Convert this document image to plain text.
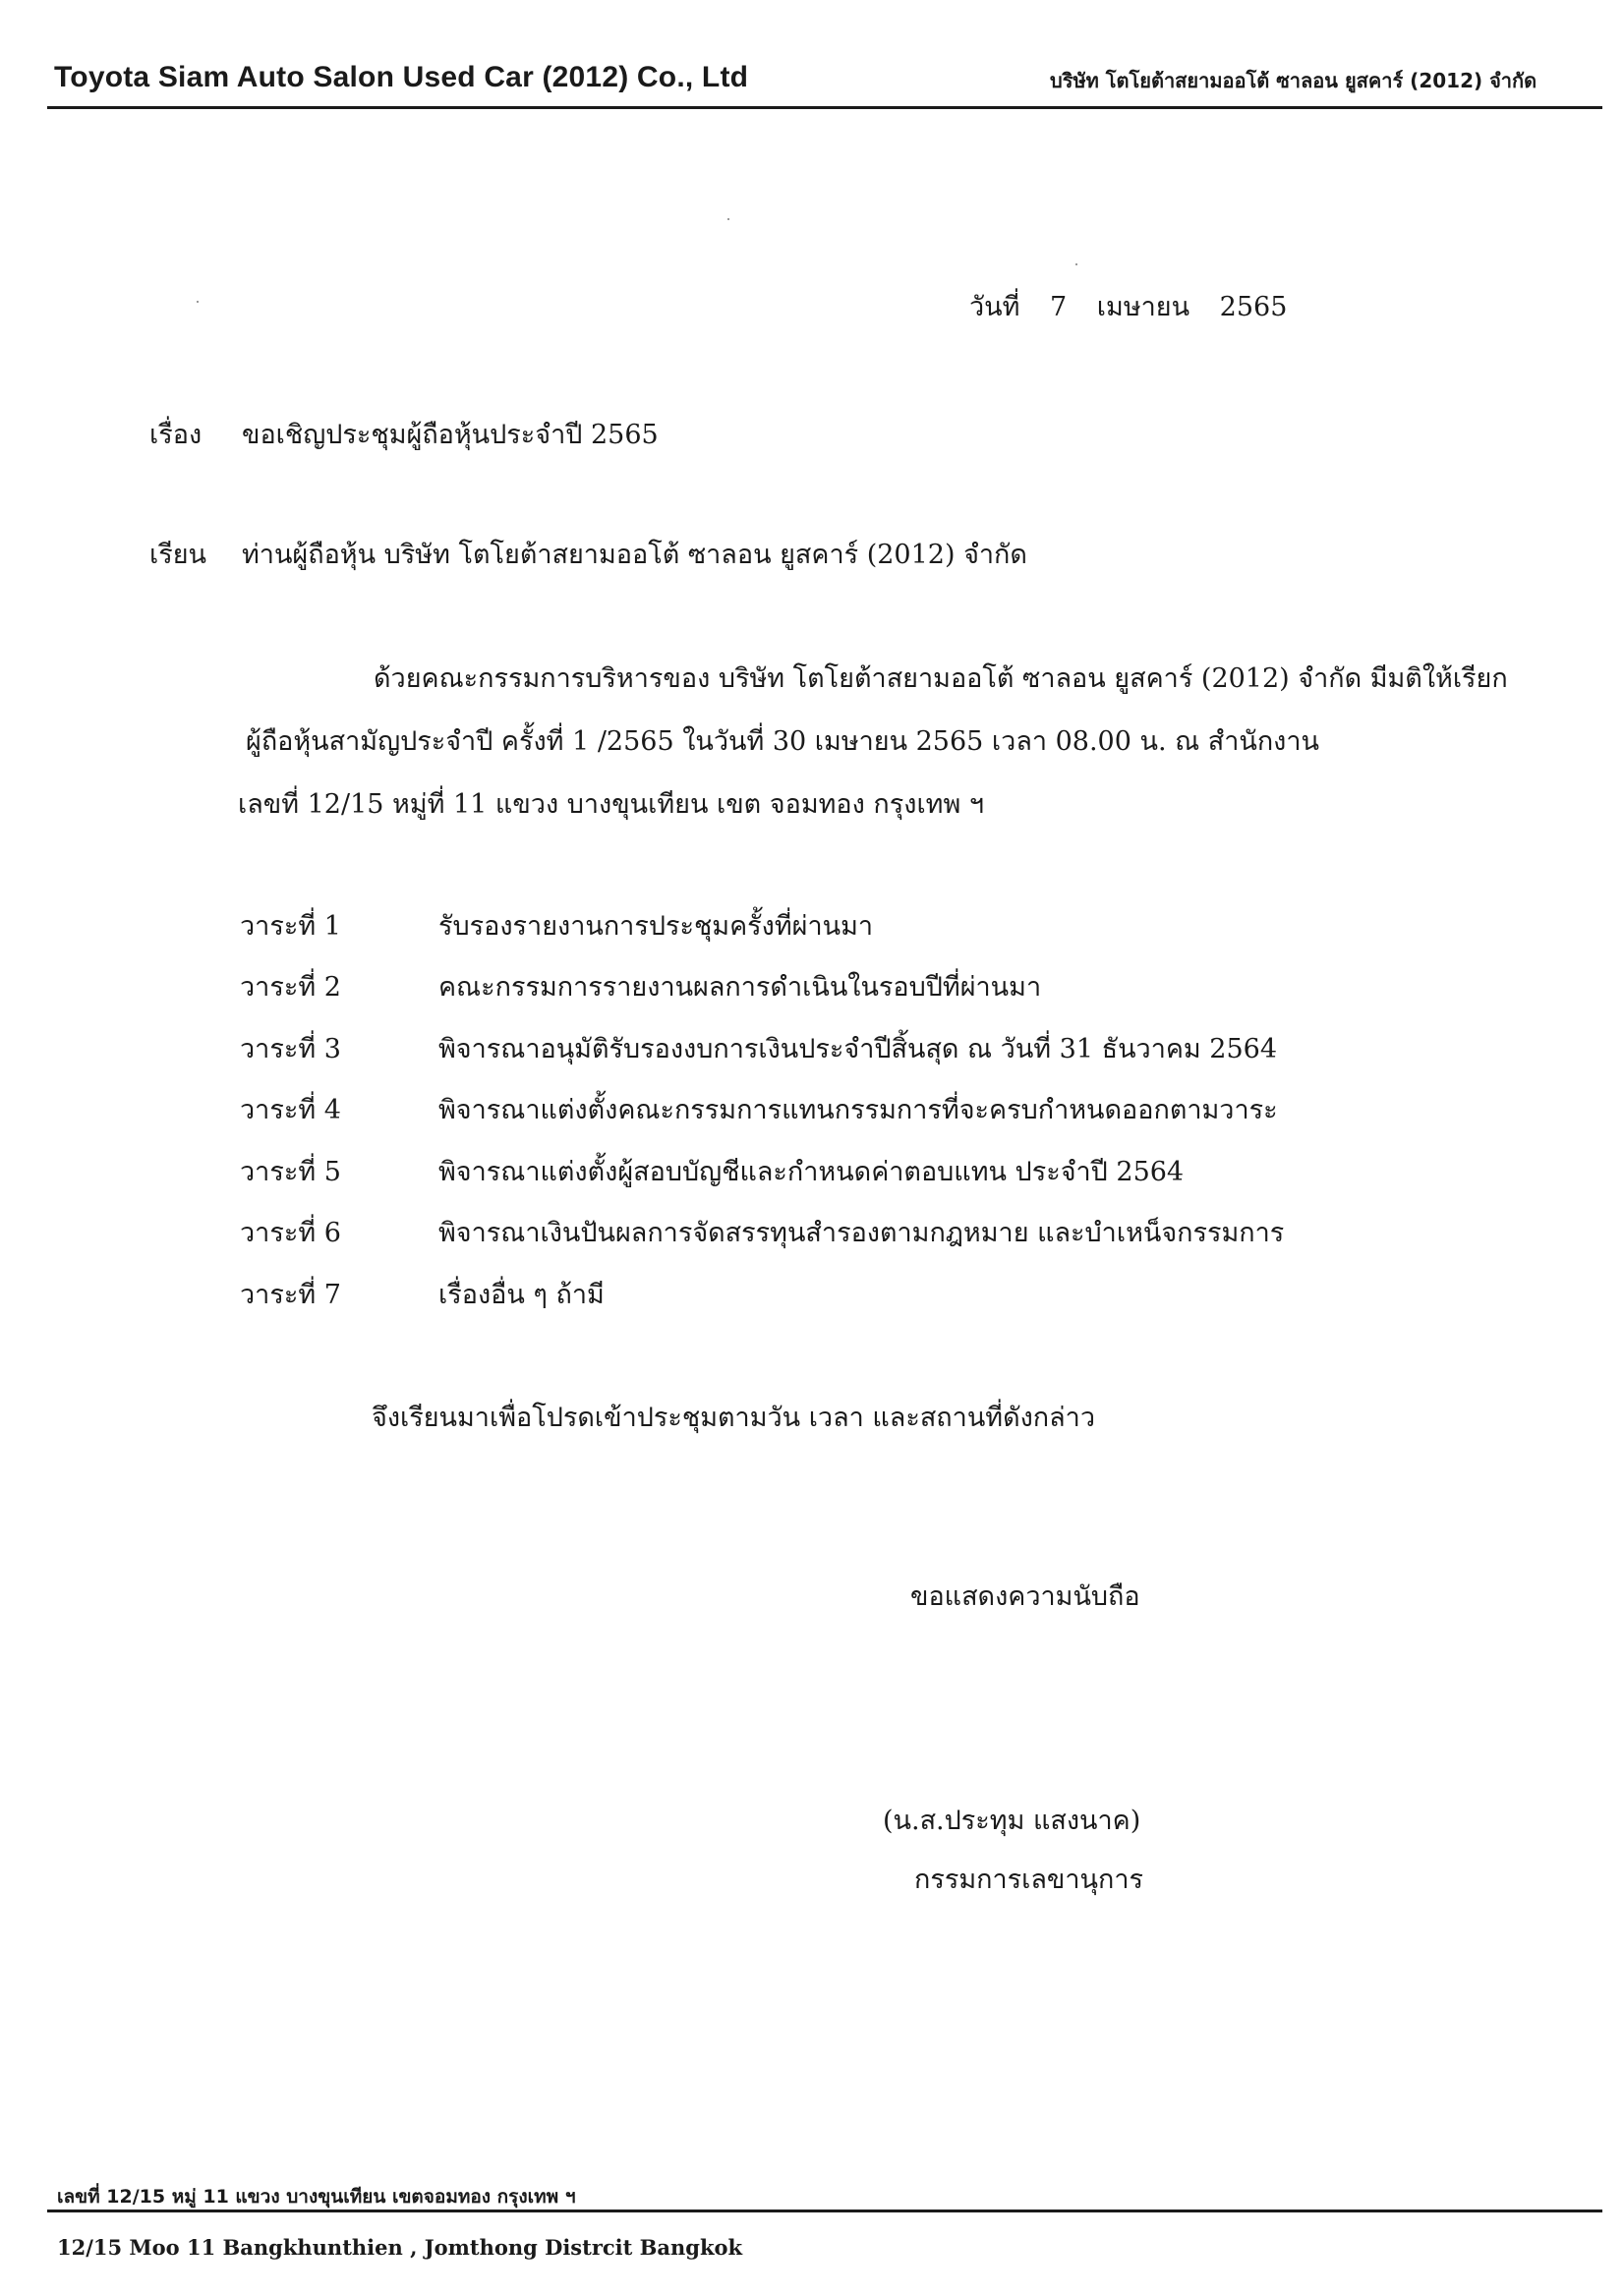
Toyota Siam Auto Salon Used Car (2012) Co., Ltd	บริษัท โตโยต้าสยามออโต้ ซาลอน ยูสคาร์ (2012) จำกัด
วันที่ 7 เมษายน 2565
เรื่อง ขอเชิญประชุมผู้ถือหุ้นประจำปี 2565
เรียน ท่านผู้ถือหุ้น บริษัท โตโยต้าสยามออโต้ ซาลอน ยูสคาร์ (2012) จำกัด
ด้วยคณะกรรมการบริหารของ บริษัท โตโยต้าสยามออโต้ ซาลอน ยูสคาร์ (2012) จำกัด มีมติให้เรียก
ผู้ถือหุ้นสามัญประจำปี ครั้งที่ 1 /2565 ในวันที่ 30 เมษายน 2565 เวลา 08.00 น. ณ สำนักงาน
เลขที่ 12/15 หมู่ที่ 11 แขวง บางขุนเทียน เขต จอมทอง กรุงเทพ ฯ
วาระที่ 1	รับรองรายงานการประชุมครั้งที่ผ่านมา
วาระที่ 2	คณะกรรมการรายงานผลการดำเนินในรอบปีที่ผ่านมา
วาระที่ 3	พิจารณาอนุมัติรับรองงบการเงินประจำปีสิ้นสุด ณ วันที่ 31 ธันวาคม 2564
วาระที่ 4	พิจารณาแต่งตั้งคณะกรรมการแทนกรรมการที่จะครบกำหนดออกตามวาระ
วาระที่ 5	พิจารณาแต่งตั้งผู้สอบบัญชีและกำหนดค่าตอบแทน ประจำปี 2564
วาระที่ 6	พิจารณาเงินปันผลการจัดสรรทุนสำรองตามกฎหมาย และบำเหน็จกรรมการ
วาระที่ 7	เรื่องอื่น ๆ ถ้ามี
จึงเรียนมาเพื่อโปรดเข้าประชุมตามวัน เวลา และสถานที่ดังกล่าว
ขอแสดงความนับถือ
(น.ส.ประทุม แสงนาค)
กรรมการเลขานุการ
เลขที่ 12/15 หมู่ 11 แขวง บางขุนเทียน เขตจอมทอง กรุงเทพ ฯ
12/15 Moo 11 Bangkhunthien , Jomthong Distrcit Bangkok
